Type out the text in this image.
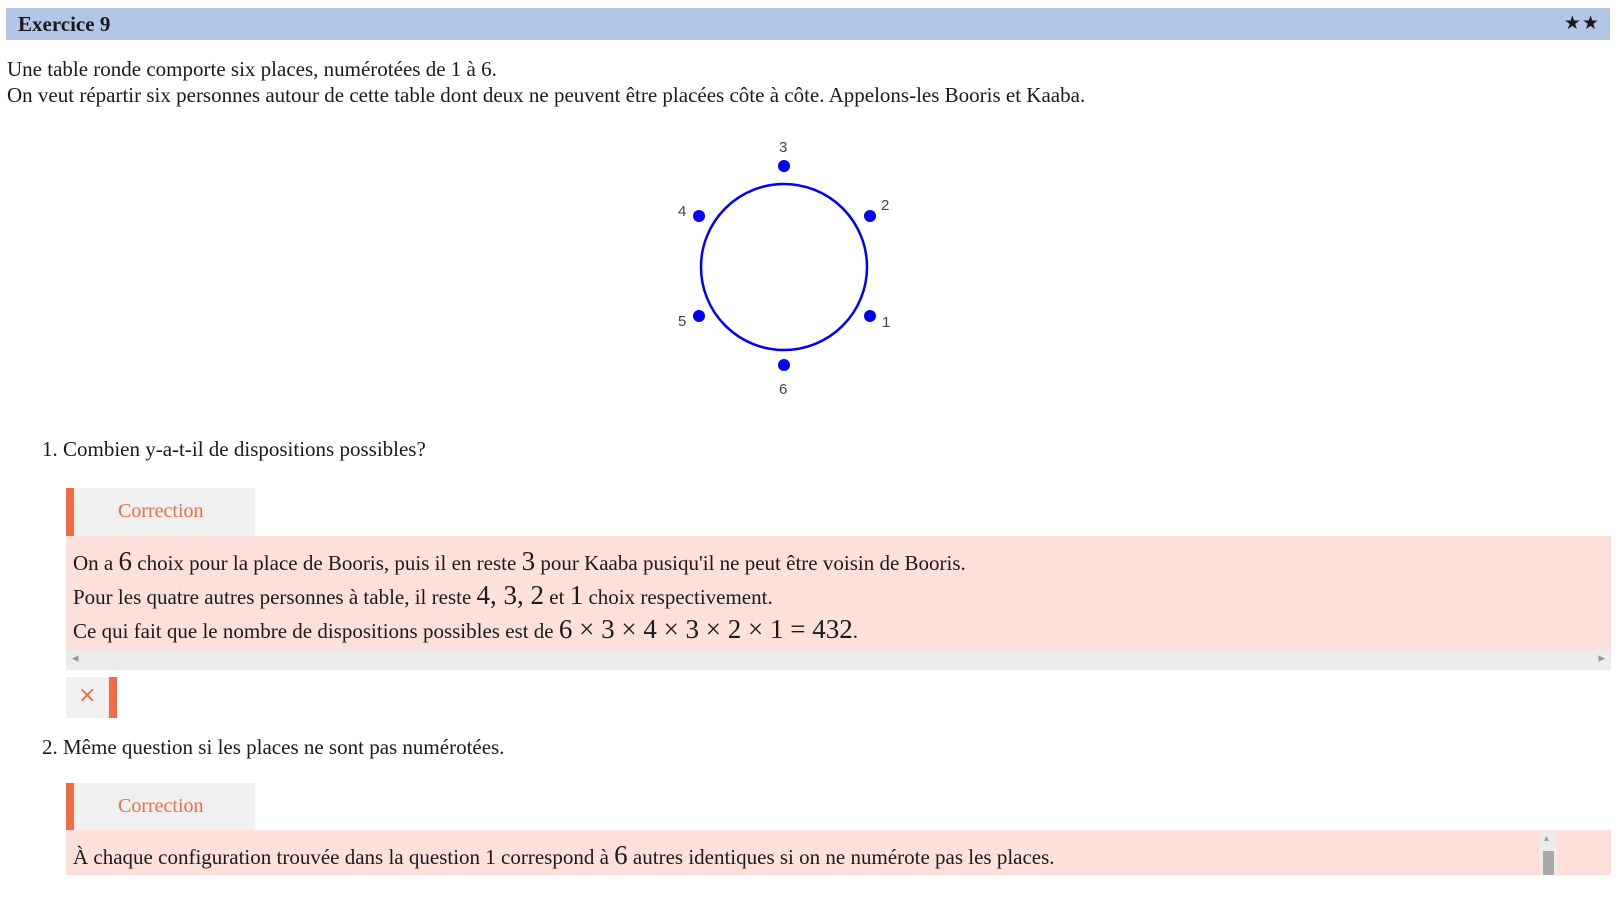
Exercice 9	★★
Une table ronde comporte six places, numérotées de 1 à 6.
On veut répartir six personnes autour de cette table dont deux ne peuvent être placées côte à côte. Appelons-les Booris et Kaaba.
1
2
3
4
5
6
1. Combien y-a-t-il de dispositions possibles?
Correction
On a 6 choix pour la place de Booris, puis il en reste 3 pour Kaaba pusiqu'il ne peut être voisin de Booris.
Pour les quatre autres personnes à table, il reste 4, 3, 2 et 1 choix respectivement.
Ce qui fait que le nombre de dispositions possibles est de 6 × 3 × 4 × 3 × 2 × 1 = 432.
◂	▸
×
2. Même question si les places ne sont pas numérotées.
Correction
À chaque configuration trouvée dans la question 1 correspond à 6 autres identiques si on ne numérote pas les places.
▴
